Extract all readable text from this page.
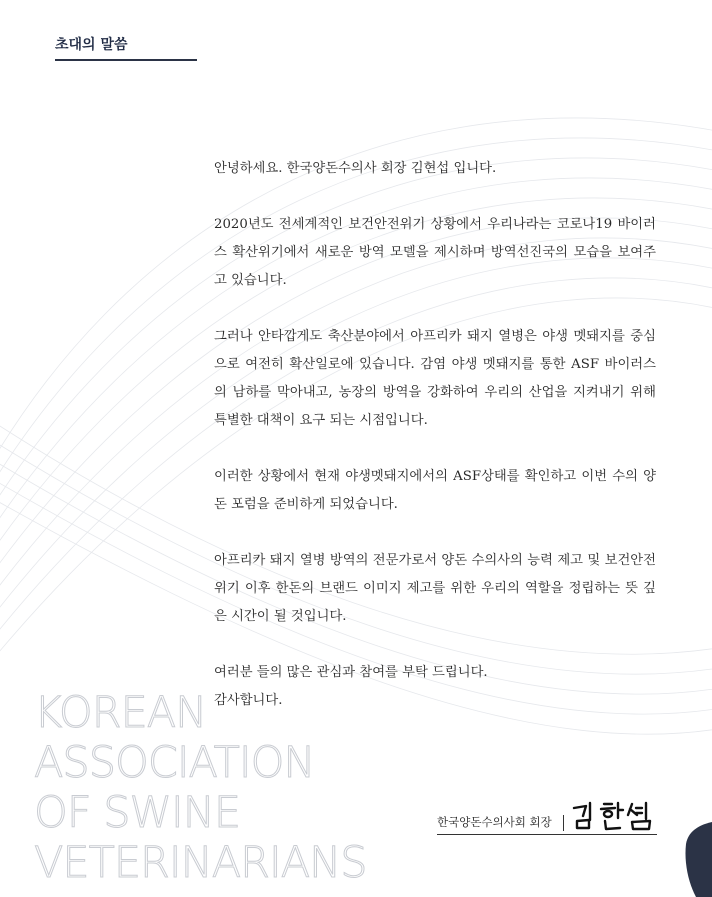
초대의 말씀

안녕하세요. 한국양돈수의사 회장 김현섭 입니다.

2020년도 전세계적인 보건안전위기 상황에서 우리나라는 코로나19 바이러스 확산위기에서 새로운 방역 모델을 제시하며 방역선진국의 모습을 보여주고 있습니다.

그러나 안타깝게도 축산분야에서 아프리카 돼지 열병은 야생 멧돼지를 중심으로 여전히 확산일로에 있습니다. 감염 야생 멧돼지를 통한 ASF 바이러스의 남하를 막아내고, 농장의 방역을 강화하여 우리의 산업을 지켜내기 위해 특별한 대책이 요구 되는 시점입니다.

이러한 상황에서 현재 야생멧돼지에서의 ASF상태를 확인하고 이번 수의 양돈 포럼을 준비하게 되었습니다.

아프리카 돼지 열병 방역의 전문가로서 양돈 수의사의 능력 제고 및 보건안전위기 이후 한돈의 브랜드 이미지 제고를 위한 우리의 역할을 정립하는 뜻 깊은 시간이 될 것입니다.

여러분 들의 많은 관심과 참여를 부탁 드립니다.
감사합니다.

KOREAN
ASSOCIATION
OF SWINE
VETERINARIANS
한국양돈수의사회 회장
